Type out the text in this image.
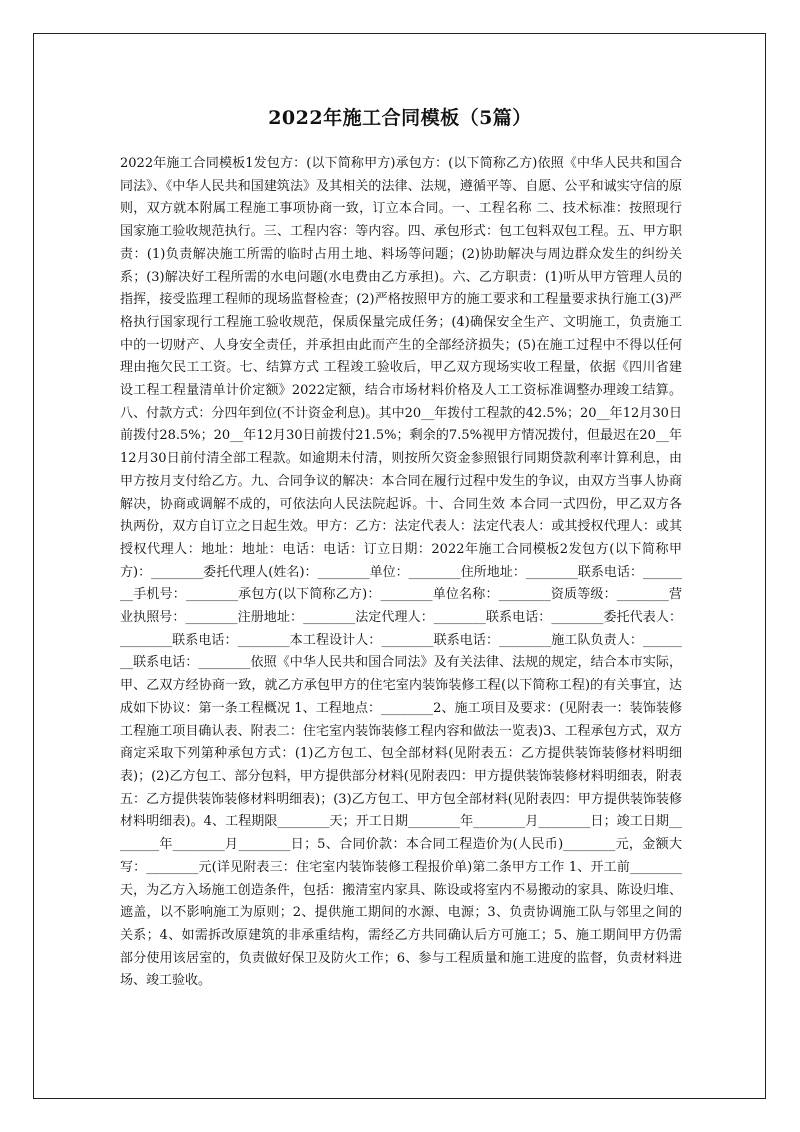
2022年施工合同模板（5篇）

2022年施工合同模板1发包方：(以下简称甲方)承包方：(以下简称乙方)依照《中华人民共和国合同法》、《中华人民共和国建筑法》及其相关的法律、法规，遵循平等、自愿、公平和诚实守信的原则，双方就本附属工程施工事项协商一致，订立本合同。一、工程名称 二、技术标准：按照现行国家施工验收规范执行。三、工程内容：等内容。四、承包形式：包工包料双包工程。五、甲方职责：(1)负责解决施工所需的临时占用土地、料场等问题；(2)协助解决与周边群众发生的纠纷关系；(3)解决好工程所需的水电问题(水电费由乙方承担)。六、乙方职责：(1)听从甲方管理人员的指挥，接受监理工程师的现场监督检查；(2)严格按照甲方的施工要求和工程量要求执行施工(3)严格执行国家现行工程施工验收规范，保质保量完成任务；(4)确保安全生产、文明施工，负责施工中的一切财产、人身安全责任，并承担由此而产生的全部经济损失；(5)在施工过程中不得以任何理由拖欠民工工资。七、结算方式 工程竣工验收后，甲乙双方现场实收工程量，依据《四川省建设工程工程量清单计价定额》2022定额，结合市场材料价格及人工工资标准调整办理竣工结算。八、付款方式：分四年到位(不计资金利息)。其中20__年拨付工程款的42.5%；20__年12月30日前拨付28.5%；20__年12月30日前拨付21.5%；剩余的7.5%视甲方情况拨付，但最迟在20__年12月30日前付清全部工程款。如逾期未付清，则按所欠资金参照银行同期贷款利率计算利息，由甲方按月支付给乙方。九、合同争议的解决：本合同在履行过程中发生的争议，由双方当事人协商解决，协商或调解不成的，可依法向人民法院起诉。十、合同生效 本合同一式四份，甲乙双方各执两份，双方自订立之日起生效。甲方：乙方：法定代表人：法定代表人：或其授权代理人：或其授权代理人：地址：地址：电话：电话：订立日期：2022年施工合同模板2发包方(以下简称甲方)：________委托代理人(姓名)：________单位：________住所地址：________联系电话：________手机号：________承包方(以下简称乙方)：________单位名称：________资质等级：________营业执照号：________注册地址：________法定代理人：________联系电话：________委托代表人：________联系电话：________本工程设计人：________联系电话：________施工队负责人：________联系电话：________依照《中华人民共和国合同法》及有关法律、法规的规定，结合本市实际，甲、乙双方经协商一致，就乙方承包甲方的住宅室内装饰装修工程(以下简称工程)的有关事宜，达成如下协议：第一条工程概况 1、工程地点：________2、施工项目及要求：(见附表一：装饰装修工程施工项目确认表、附表二：住宅室内装饰装修工程内容和做法一览表)3、工程承包方式，双方商定采取下列第种承包方式：(1)乙方包工、包全部材料(见附表五：乙方提供装饰装修材料明细表)；(2)乙方包工、部分包料，甲方提供部分材料(见附表四：甲方提供装饰装修材料明细表，附表五：乙方提供装饰装修材料明细表)；(3)乙方包工、甲方包全部材料(见附表四：甲方提供装饰装修材料明细表)。4、工程期限________天；开工日期________年________月________日；竣工日期________年________月________日；5、合同价款：本合同工程造价为(人民币)________元，金额大写：________元(详见附表三：住宅室内装饰装修工程报价单)第二条甲方工作 1、开工前________天，为乙方入场施工创造条件，包括：搬清室内家具、陈设或将室内不易搬动的家具、陈设归堆、遮盖，以不影响施工为原则；2、提供施工期间的水源、电源；3、负责协调施工队与邻里之间的关系；4、如需拆改原建筑的非承重结构，需经乙方共同确认后方可施工；5、施工期间甲方仍需部分使用该居室的，负责做好保卫及防火工作；6、参与工程质量和施工进度的监督，负责材料进场、竣工验收。
